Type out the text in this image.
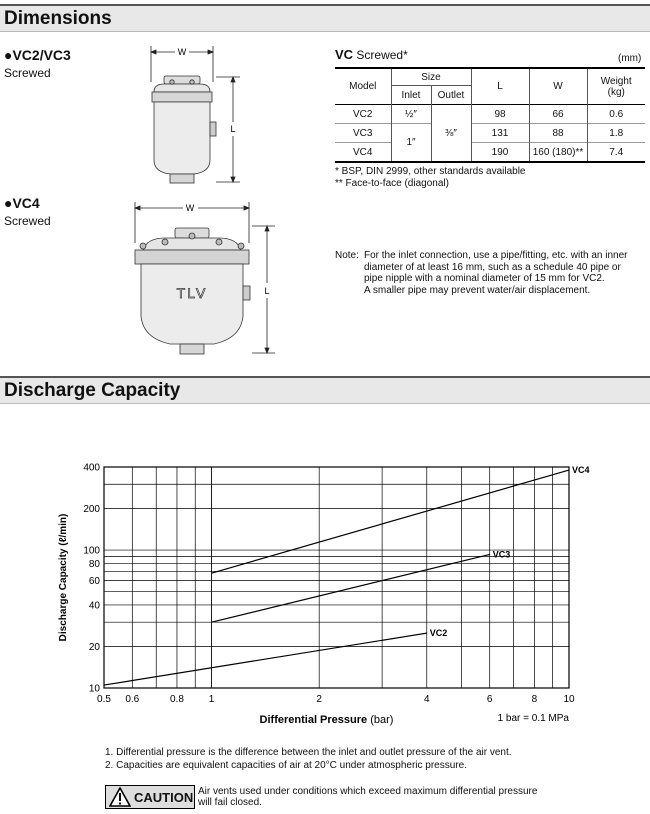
Dimensions
●VC2/VC3
Screwed
●VC4
Screwed
W
L
W
L
TLV
VC Screwed*	(mm)
Model	Size		L	W	Weight
(kg)

	Inlet	Outlet			
VC2	½″	⅜″	98	66	0.6
VC3	1″		131	88	1.8
VC4			190	160 (180)**	7.4
* BSP, DIN 2999, other standards available
** Face-to-face (diagonal)
Note: For the inlet connection, use a pipe/fitting, etc. with an inner
diameter of at least 16 mm, such as a schedule 40 pipe or
pipe nipple with a nominal diameter of 15 mm for VC2.
A smaller pipe may prevent water/air displacement.
Discharge Capacity
VC4
VC3
VC2
0.5 0.6	0.8 1	2	4	6	8	10
10
20
40
60
80
100
200
400
Discharge Capacity (ℓ/min)
Differential Pressure (bar)	1 bar = 0.1 MPa
1. Differential pressure is the difference between the inlet and outlet pressure of the air vent.
2. Capacities are equivalent capacities of air at 20°C under atmospheric pressure.
CAUTION Air vents used under conditions which exceed maximum differential pressure
will fail closed.
